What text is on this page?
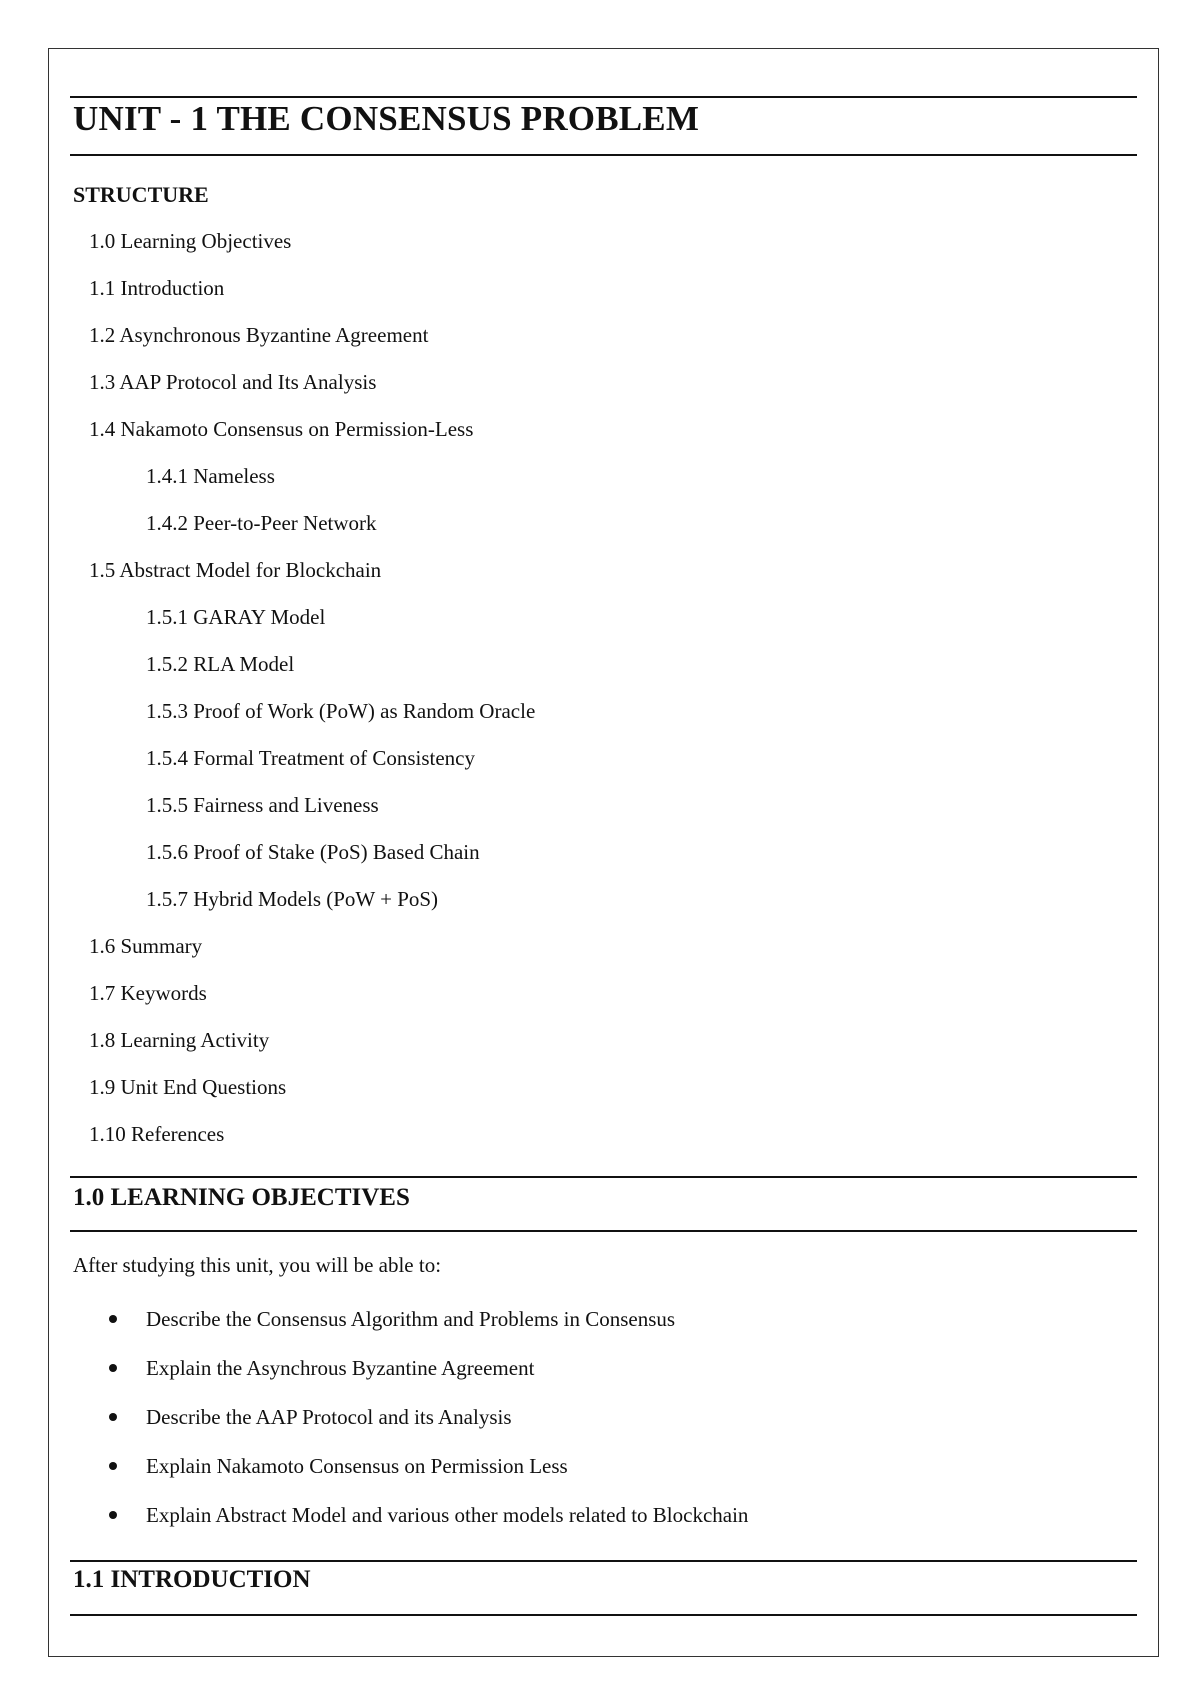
UNIT - 1 THE CONSENSUS PROBLEM
STRUCTURE
1.0 Learning Objectives
1.1 Introduction
1.2 Asynchronous Byzantine Agreement
1.3 AAP Protocol and Its Analysis
1.4 Nakamoto Consensus on Permission-Less
1.4.1 Nameless
1.4.2 Peer-to-Peer Network
1.5 Abstract Model for Blockchain
1.5.1 GARAY Model
1.5.2 RLA Model
1.5.3 Proof of Work (PoW) as Random Oracle
1.5.4 Formal Treatment of Consistency
1.5.5 Fairness and Liveness
1.5.6 Proof of Stake (PoS) Based Chain
1.5.7 Hybrid Models (PoW + PoS)
1.6 Summary
1.7 Keywords
1.8 Learning Activity
1.9 Unit End Questions
1.10 References
1.0 LEARNING OBJECTIVES
After studying this unit, you will be able to:
Describe the Consensus Algorithm and Problems in Consensus
Explain the Asynchrous Byzantine Agreement
Describe the AAP Protocol and its Analysis
Explain Nakamoto Consensus on Permission Less
Explain Abstract Model and various other models related to Blockchain
1.1 INTRODUCTION
